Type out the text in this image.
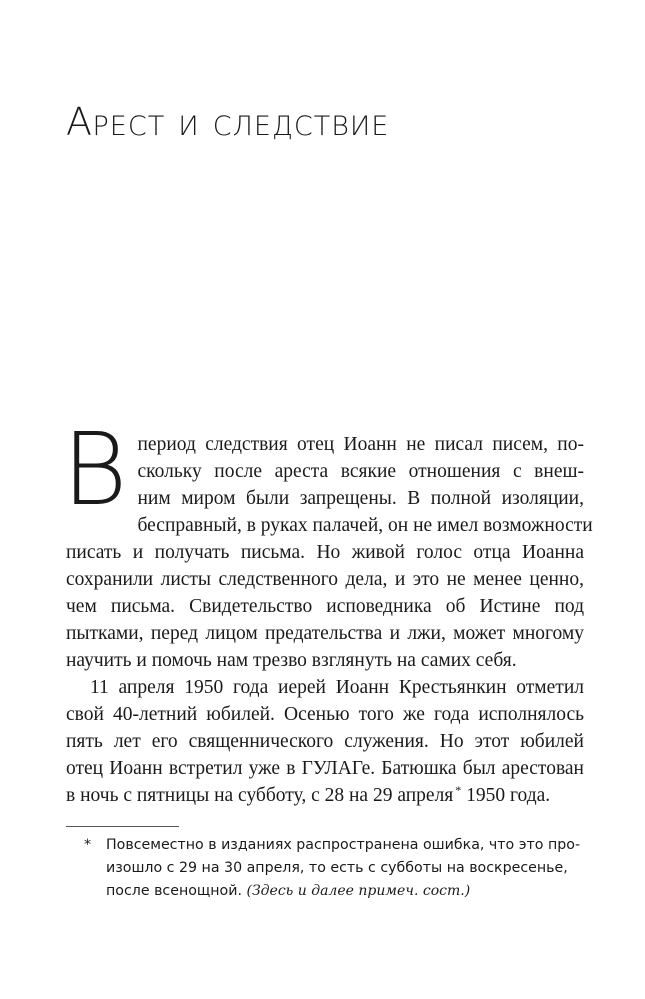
Арест и следствие
В период следствия отец Иоанн не писал писем, по-
скольку после ареста всякие отношения с внеш-
ним миром были запрещены. В полной изоляции,
бесправный, в руках палачей, он не имел возможности
писать и получать письма. Но живой голос отца Иоанна
сохранили листы следственного дела, и это не менее ценно,
чем письма. Свидетельство исповедника об Истине под
пытками, перед лицом предательства и лжи, может многому
научить и помочь нам трезво взглянуть на самих себя.
11 апреля 1950 года иерей Иоанн Крестьянкин отметил
свой 40-летний юбилей. Осенью того же года исполнялось
пять лет его священнического служения. Но этот юбилей
отец Иоанн встретил уже в ГУЛАГе. Батюшка был арестован
в ночь с пятницы на субботу, с 28 на 29 апреля * 1950 года.
* Повсеместно в изданиях распространена ошибка, что это про-
изошло с 29 на 30 апреля, то есть с субботы на воскресенье,
после всенощной. (Здесь и далее примеч. сост.)
